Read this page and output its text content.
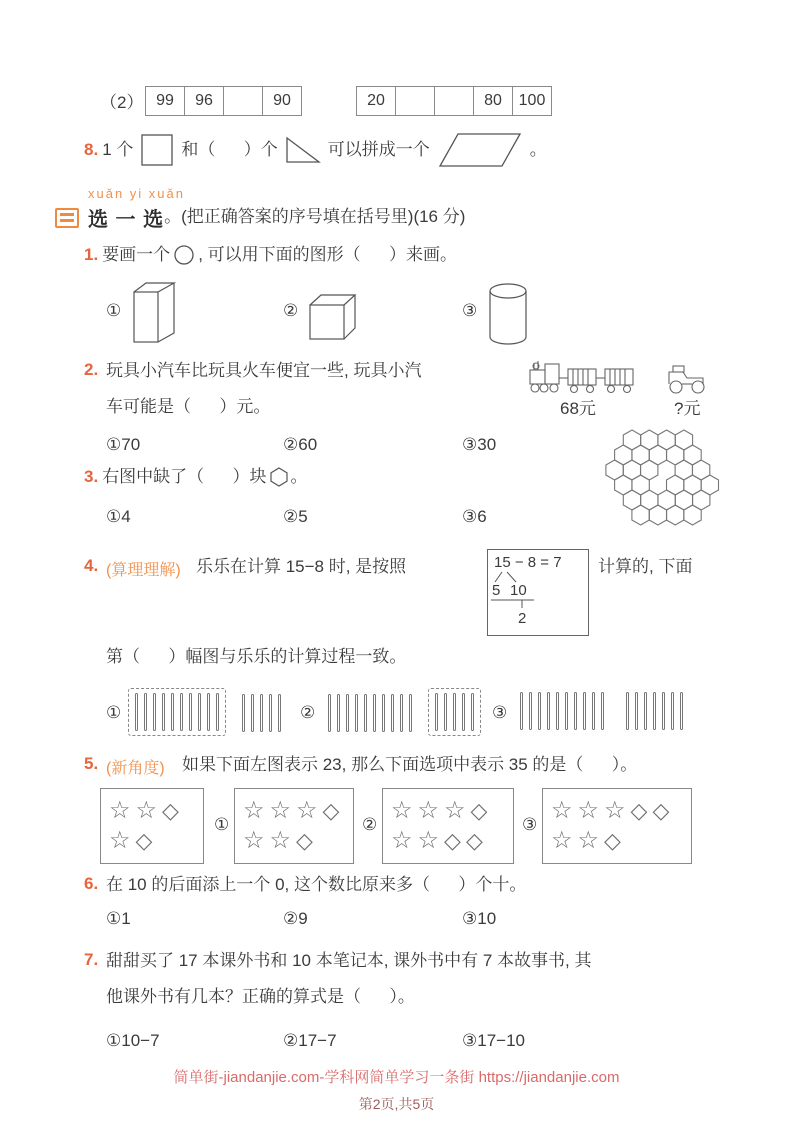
（2） 99	96	90	20	80	100
8. 1 个	和（      ）个	可以拼成一个	。
xuǎn yi xuǎn
选 一 选 。(把正确答案的序号填在括号里)(16 分)
1. 要画一个 , 可以用下面的图形（      ）来画。
①	②	③
2. 玩具小汽车比玩具火车便宜一些, 玩具小汽
车可能是（      ）元。	68元	?元
①70	②60	③30
3. 右图中缺了（      ）块 。
①4	②5	③6
4. (算理理解) 乐乐在计算 15−8 时, 是按照	15 − 8 = 7
5 10
2
计算的, 下面
第（      ）幅图与乐乐的计算过程一致。
①	②	③
5. (新角度) 如果下面左图表示 23, 那么下面选项中表示 35 的是（      ）。
☆ ☆ ◇
☆ ◇
①
☆ ☆ ☆ ◇
☆ ☆ ◇
②
☆ ☆ ☆ ◇
☆ ☆ ◇ ◇
③
☆ ☆ ☆ ◇ ◇
☆ ☆ ◇
6. 在 10 的后面添上一个 0, 这个数比原来多（      ）个十。
①1	②9	③10
7. 甜甜买了 17 本课外书和 10 本笔记本, 课外书中有 7 本故事书, 其
他课外书有几本？正确的算式是（      ）。
①10−7	②17−7	③17−10
简单街-jiandanjie.com-学科网简单学习一条街 https://jiandanjie.com
第2页,共5页
